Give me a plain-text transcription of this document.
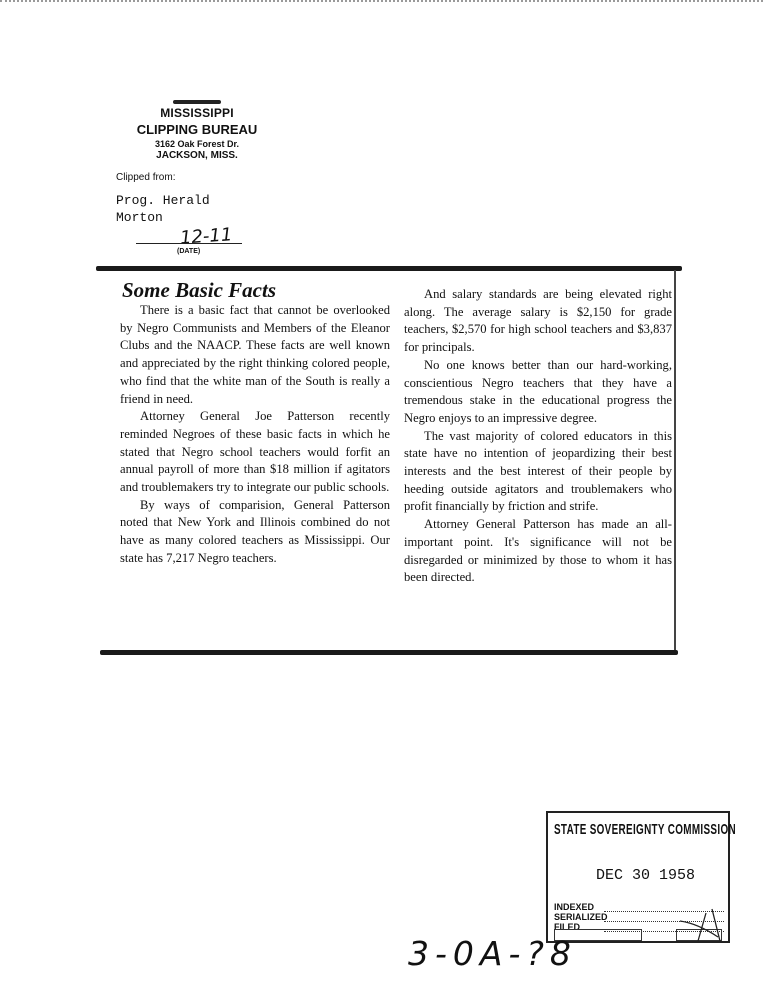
MISSISSIPPI
CLIPPING BUREAU
3162 Oak Forest Dr.
JACKSON, MISS.
Clipped from:
Prog. Herald
Morton
12-11
(DATE)
Some Basic Facts

There is a basic fact that cannot be overlooked by Negro Communists and Members of the Eleanor Clubs and the NAACP. These facts are well known and appreciated by the right thinking colored people, who find that the white man of the South is really a friend in need.

Attorney General Joe Patterson recently reminded Negroes of these basic facts in which he stated that Negro school teachers would forfit an annual payroll of more than $18 million if agitators and troublemakers try to integrate our public schools.

By ways of comparision, General Patterson noted that New York and Illinois combined do not have as many colored teachers as Mississippi. Our state has 7,217 Negro teachers.

And salary standards are being elevated right along. The average salary is $2,150 for grade teachers, $2,570 for high school teachers and $3,837 for principals.

No one knows better than our hard-working, conscientious Negro teachers that they have a tremendous stake in the educational progress the Negro enjoys to an impressive degree.

The vast majority of colored educators in this state have no intention of jeopardizing their best interests and the best interest of their people by heeding outside agitators and troublemakers who profit financially by friction and strife.

Attorney General Patterson has made an all-important point. It's significance will not be disregarded or minimized by those to whom it has been directed.

STATE SOVEREIGNTY COMMISSION
DEC 30 1958
INDEXED
SERIALIZED
FILED
3-0A-?8
